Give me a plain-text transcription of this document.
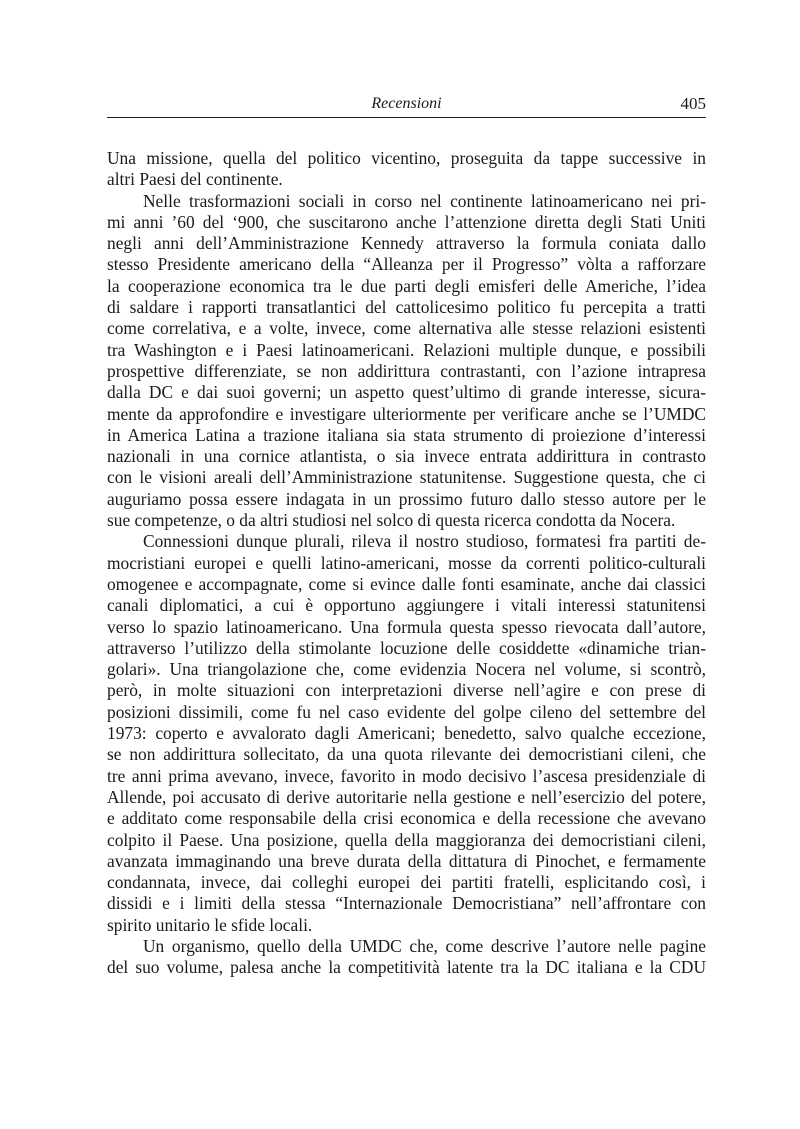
Recensioni	405
Una missione, quella del politico vicentino, proseguita da tappe successive in
altri Paesi del continente.
Nelle trasformazioni sociali in corso nel continente latinoamericano nei pri-
mi anni ’60 del ‘900, che suscitarono anche l’attenzione diretta degli Stati Uniti
negli anni dell’Amministrazione Kennedy attraverso la formula coniata dallo
stesso Presidente americano della “Alleanza per il Progresso” vòlta a rafforzare
la cooperazione economica tra le due parti degli emisferi delle Americhe, l’idea
di saldare i rapporti transatlantici del cattolicesimo politico fu percepita a tratti
come correlativa, e a volte, invece, come alternativa alle stesse relazioni esistenti
tra Washington e i Paesi latinoamericani. Relazioni multiple dunque, e possibili
prospettive differenziate, se non addirittura contrastanti, con l’azione intrapresa
dalla DC e dai suoi governi; un aspetto quest’ultimo di grande interesse, sicura-
mente da approfondire e investigare ulteriormente per verificare anche se l’UMDC
in America Latina a trazione italiana sia stata strumento di proiezione d’interessi
nazionali in una cornice atlantista, o sia invece entrata addirittura in contrasto
con le visioni areali dell’Amministrazione statunitense. Suggestione questa, che ci
auguriamo possa essere indagata in un prossimo futuro dallo stesso autore per le
sue competenze, o da altri studiosi nel solco di questa ricerca condotta da Nocera.
Connessioni dunque plurali, rileva il nostro studioso, formatesi fra partiti de-
mocristiani europei e quelli latino-americani, mosse da correnti politico-culturali
omogenee e accompagnate, come si evince dalle fonti esaminate, anche dai classici
canali diplomatici, a cui è opportuno aggiungere i vitali interessi statunitensi
verso lo spazio latinoamericano. Una formula questa spesso rievocata dall’autore,
attraverso l’utilizzo della stimolante locuzione delle cosiddette «dinamiche trian-
golari». Una triangolazione che, come evidenzia Nocera nel volume, si scontrò,
però, in molte situazioni con interpretazioni diverse nell’agire e con prese di
posizioni dissimili, come fu nel caso evidente del golpe cileno del settembre del
1973: coperto e avvalorato dagli Americani; benedetto, salvo qualche eccezione,
se non addirittura sollecitato, da una quota rilevante dei democristiani cileni, che
tre anni prima avevano, invece, favorito in modo decisivo l’ascesa presidenziale di
Allende, poi accusato di derive autoritarie nella gestione e nell’esercizio del potere,
e additato come responsabile della crisi economica e della recessione che avevano
colpito il Paese. Una posizione, quella della maggioranza dei democristiani cileni,
avanzata immaginando una breve durata della dittatura di Pinochet, e fermamente
condannata, invece, dai colleghi europei dei partiti fratelli, esplicitando così, i
dissidi e i limiti della stessa “Internazionale Democristiana” nell’affrontare con
spirito unitario le sfide locali.
Un organismo, quello della UMDC che, come descrive l’autore nelle pagine
del suo volume, palesa anche la competitività latente tra la DC italiana e la CDU
